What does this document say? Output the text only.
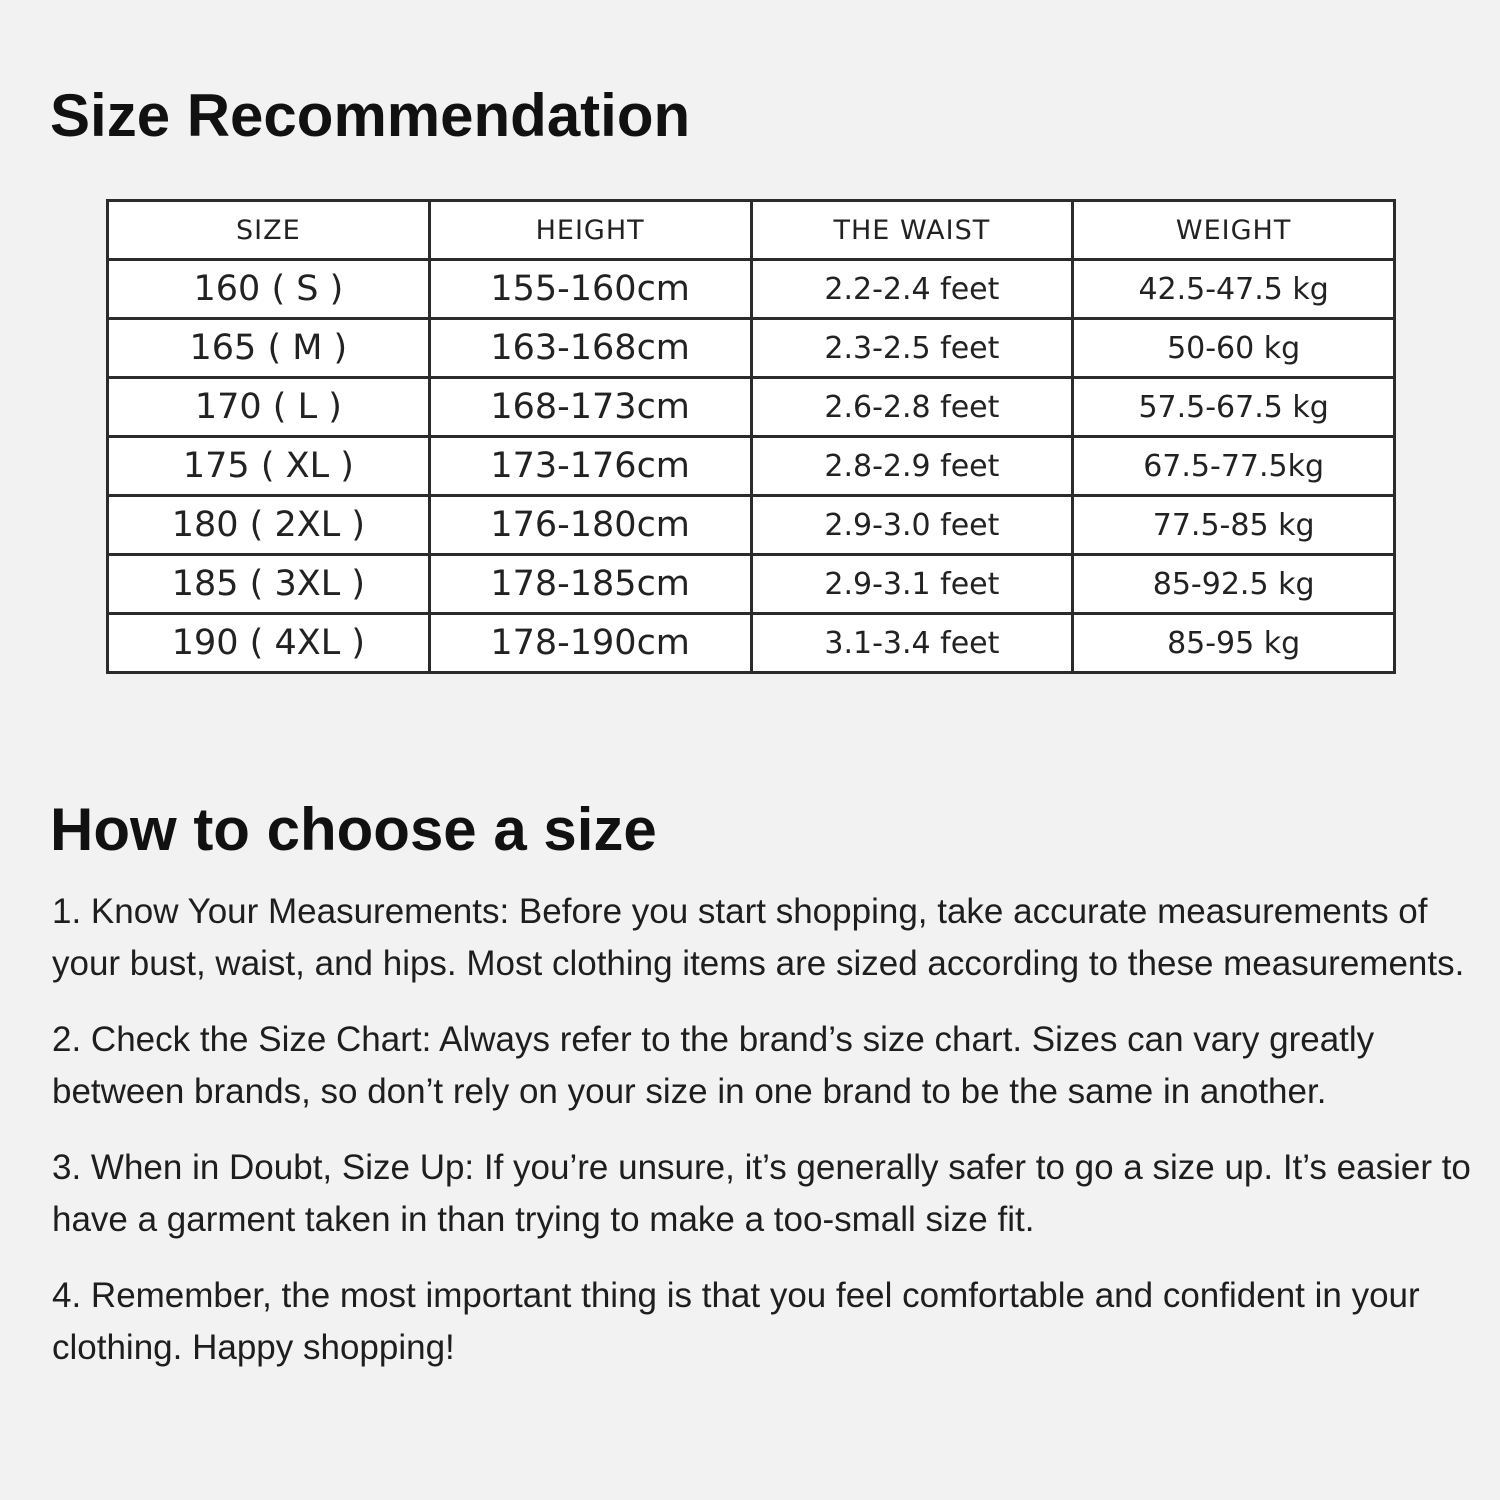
Size Recommendation
SIZE	HEIGHT	THE WAIST	WEIGHT
160 ( S )	155-160cm	2.2-2.4 feet	42.5-47.5 kg
165 ( M )	163-168cm	2.3-2.5 feet	50-60 kg
170 ( L )	168-173cm	2.6-2.8 feet	57.5-67.5 kg
175 ( XL )	173-176cm	2.8-2.9 feet	67.5-77.5kg
180 ( 2XL )	176-180cm	2.9-3.0 feet	77.5-85 kg
185 ( 3XL )	178-185cm	2.9-3.1 feet	85-92.5 kg
190 ( 4XL )	178-190cm	3.1-3.4 feet	85-95 kg
How to choose a size

1. Know Your Measurements: Before you start shopping, take accurate measurements of your bust, waist, and hips. Most clothing items are sized according to these measurements.

2. Check the Size Chart: Always refer to the brand’s size chart. Sizes can vary greatly between brands, so don’t rely on your size in one brand to be the same in another.

3. When in Doubt, Size Up: If you’re unsure, it’s generally safer to go a size up. It’s easier to have a garment taken in than trying to make a too-small size fit.

4. Remember, the most important thing is that you feel comfortable and confident in your clothing. Happy shopping!
